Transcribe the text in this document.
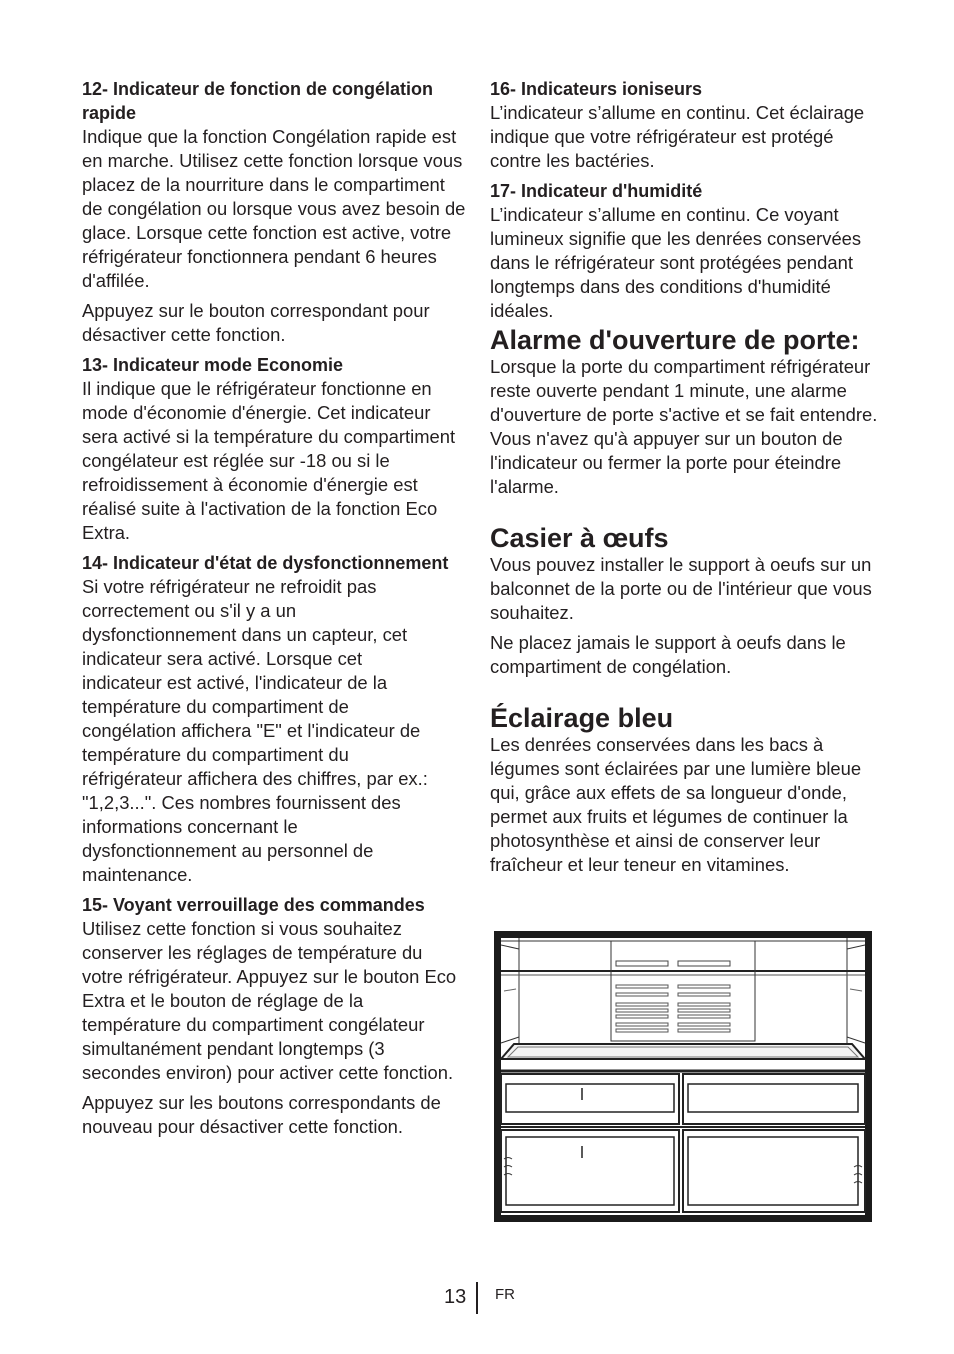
12- Indicateur de fonction de congélation rapide

Indique que la fonction Congélation rapide est en marche. Utilisez cette fonction lorsque vous placez de la nourriture dans le compartiment de congélation ou lorsque vous avez besoin de glace. Lorsque cette fonction est active, votre réfrigérateur fonctionnera pendant 6 heures d'affilée.

Appuyez sur le bouton correspondant pour désactiver cette fonction.

13- Indicateur mode Economie

Il indique que le réfrigérateur fonctionne en mode d'économie d'énergie. Cet indicateur sera activé si la température du compartiment congélateur est réglée sur -18 ou si le refroidissement à économie d'énergie est réalisé suite à l'activation de la fonction Eco Extra.

14- Indicateur d'état de dysfonctionnement

Si votre réfrigérateur ne refroidit pas correctement ou s'il y a un dysfonctionnement dans un capteur, cet indicateur sera activé. Lorsque cet indicateur est activé, l'indicateur de la température du compartiment de congélation affichera "E" et l'indicateur de température du compartiment du réfrigérateur affichera des chiffres, par ex.: "1,2,3...". Ces nombres fournissent des informations concernant le dysfonctionnement au personnel de maintenance.

15- Voyant verrouillage des commandes

Utilisez cette fonction si vous souhaitez conserver les réglages de température du votre réfrigérateur. Appuyez sur le bouton Eco Extra et le bouton de réglage de la température du compartiment congélateur simultanément pendant longtemps (3 secondes environ) pour activer cette fonction.

Appuyez sur les boutons correspondants de nouveau pour désactiver cette fonction.

16- Indicateurs ioniseurs

L’indicateur s’allume en continu. Cet éclairage indique que votre réfrigérateur est protégé contre les bactéries.

17- Indicateur d'humidité

L’indicateur s’allume en continu. Ce voyant lumineux signifie que les denrées conservées dans le réfrigérateur sont protégées pendant longtemps dans des conditions d'humidité idéales.

Alarme d'ouverture de porte:

Lorsque la porte du compartiment réfrigérateur reste ouverte pendant 1 minute, une alarme d'ouverture de porte s'active et se fait entendre. Vous n'avez qu'à appuyer sur un bouton de l'indicateur ou fermer la porte pour éteindre l'alarme.

Casier à œufs

Vous pouvez installer le support à oeufs sur un balconnet de la porte ou de l'intérieur que vous souhaitez.

Ne placez jamais le support à oeufs dans le compartiment de congélation.

Éclairage bleu

Les denrées conservées dans les bacs à légumes sont éclairées par une lumière bleue qui, grâce aux effets de sa longueur d'onde, permet aux fruits et légumes de continuer la photosynthèse et ainsi de conserver leur fraîcheur et leur teneur en vitamines.

13 FR
